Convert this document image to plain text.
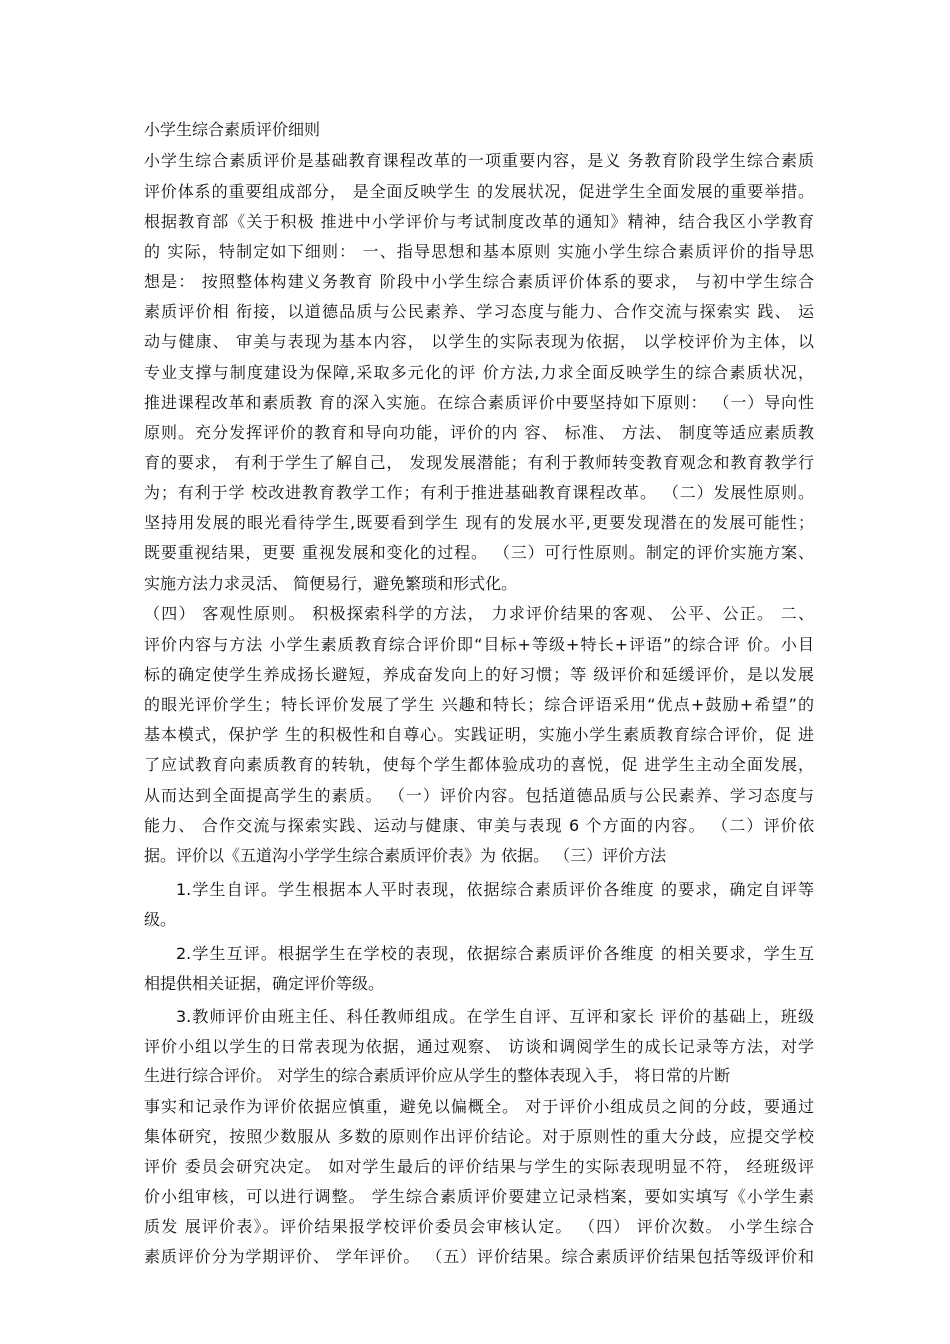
小学生综合素质评价细则
小学生综合素质评价是基础教育课程改革的一项重要内容，是义 务教育阶段学生综合素质
评价体系的重要组成部分， 是全面反映学生 的发展状况，促进学生全面发展的重要举措。
根据教育部《关于积极 推进中小学评价与考试制度改革的通知》精神，结合我区小学教育
的 实际，特制定如下细则： 一、指导思想和基本原则 实施小学生综合素质评价的指导思
想是： 按照整体构建义务教育 阶段中小学生综合素质评价体系的要求， 与初中学生综合
素质评价相 衔接，以道德品质与公民素养、学习态度与能力、合作交流与探索实 践、 运
动与健康、 审美与表现为基本内容， 以学生的实际表现为依据， 以学校评价为主体，以
专业支撑与制度建设为保障,采取多元化的评 价方法,力求全面反映学生的综合素质状况，
推进课程改革和素质教 育的深入实施。在综合素质评价中要坚持如下原则： （一）导向性
原则。充分发挥评价的教育和导向功能，评价的内 容、 标准、 方法、 制度等适应素质教
育的要求， 有利于学生了解自己， 发现发展潜能；有利于教师转变教育观念和教育教学行
为；有利于学 校改进教育教学工作；有利于推进基础教育课程改革。 （二）发展性原则。
坚持用发展的眼光看待学生,既要看到学生 现有的发展水平,更要发现潜在的发展可能性；
既要重视结果，更要 重视发展和变化的过程。 （三）可行性原则。制定的评价实施方案、
实施方法力求灵活、 简便易行，避免繁琐和形式化。
（四） 客观性原则。 积极探索科学的方法， 力求评价结果的客观、 公平、公正。 二、
评价内容与方法 小学生素质教育综合评价即“目标+等级+特长+评语”的综合评 价。小目
标的确定使学生养成扬长避短，养成奋发向上的好习惯；等 级评价和延缓评价，是以发展
的眼光评价学生；特长评价发展了学生 兴趣和特长；综合评语采用“优点+鼓励+希望”的
基本模式，保护学 生的积极性和自尊心。实践证明，实施小学生素质教育综合评价，促 进
了应试教育向素质教育的转轨，使每个学生都体验成功的喜悦，促 进学生主动全面发展，
从而达到全面提高学生的素质。 （一）评价内容。包括道德品质与公民素养、学习态度与
能力、 合作交流与探索实践、运动与健康、审美与表现 6 个方面的内容。 （二）评价依
据。评价以《五道沟小学学生综合素质评价表》为 依据。 （三）评价方法
1.学生自评。学生根据本人平时表现，依据综合素质评价各维度 的要求，确定自评等
级。
2.学生互评。根据学生在学校的表现，依据综合素质评价各维度 的相关要求，学生互
相提供相关证据，确定评价等级。
3.教师评价由班主任、科任教师组成。在学生自评、互评和家长 评价的基础上，班级
评价小组以学生的日常表现为依据，通过观察、 访谈和调阅学生的成长记录等方法，对学
生进行综合评价。 对学生的综合素质评价应从学生的整体表现入手， 将日常的片断
事实和记录作为评价依据应慎重，避免以偏概全。 对于评价小组成员之间的分歧，要通过
集体研究，按照少数服从 多数的原则作出评价结论。对于原则性的重大分歧，应提交学校
评价 委员会研究决定。 如对学生最后的评价结果与学生的实际表现明显不符， 经班级评
价小组审核，可以进行调整。 学生综合素质评价要建立记录档案，要如实填写《小学生素
质发 展评价表》。评价结果报学校评价委员会审核认定。 （四） 评价次数。 小学生综合
素质评价分为学期评价、 学年评价。 （五）评价结果。综合素质评价结果包括等级评价和
